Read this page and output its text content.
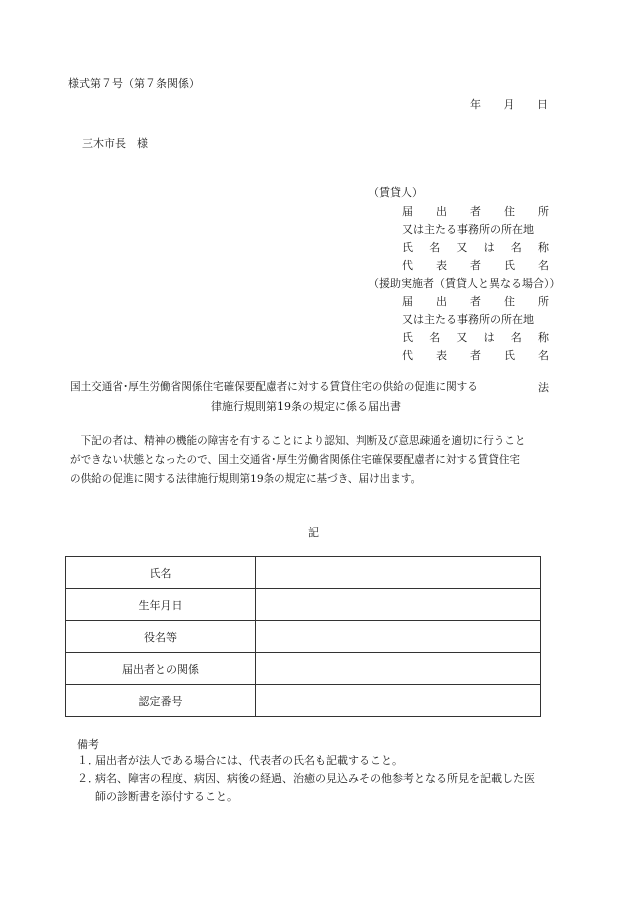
様式第７号（第７条関係）
年 月 日
三木市長　様
（賃貸人）
届 出 者 住 所
又は主たる事務所の所在地
氏 名 又 は 名 称
代 表 者 氏 名
（援助実施者（賃貸人と異なる場合））
届 出 者 住 所
又は主たる事務所の所在地
氏 名 又 は 名 称
代 表 者 氏 名
国土交通省･厚生労働省関係住宅確保要配慮者に対する賃貸住宅の供給の促進に関する	法
律施行規則第19条の規定に係る届出書
　下記の者は、精神の機能の障害を有することにより認知、判断及び意思疎通を適切に行うこと
ができない状態となったので、国土交通省･厚生労働省関係住宅確保要配慮者に対する賃貸住宅
の供給の促進に関する法律施行規則第19条の規定に基づき、届け出ます。
記
氏名	
生年月日	
役名等	
届出者との関係	
認定番号	
備考
１．届出者が法人である場合には、代表者の氏名も記載すること。
２．病名、障害の程度、病因、病後の経過、治癒の見込みその他参考となる所見を記載した医
師の診断書を添付すること。
